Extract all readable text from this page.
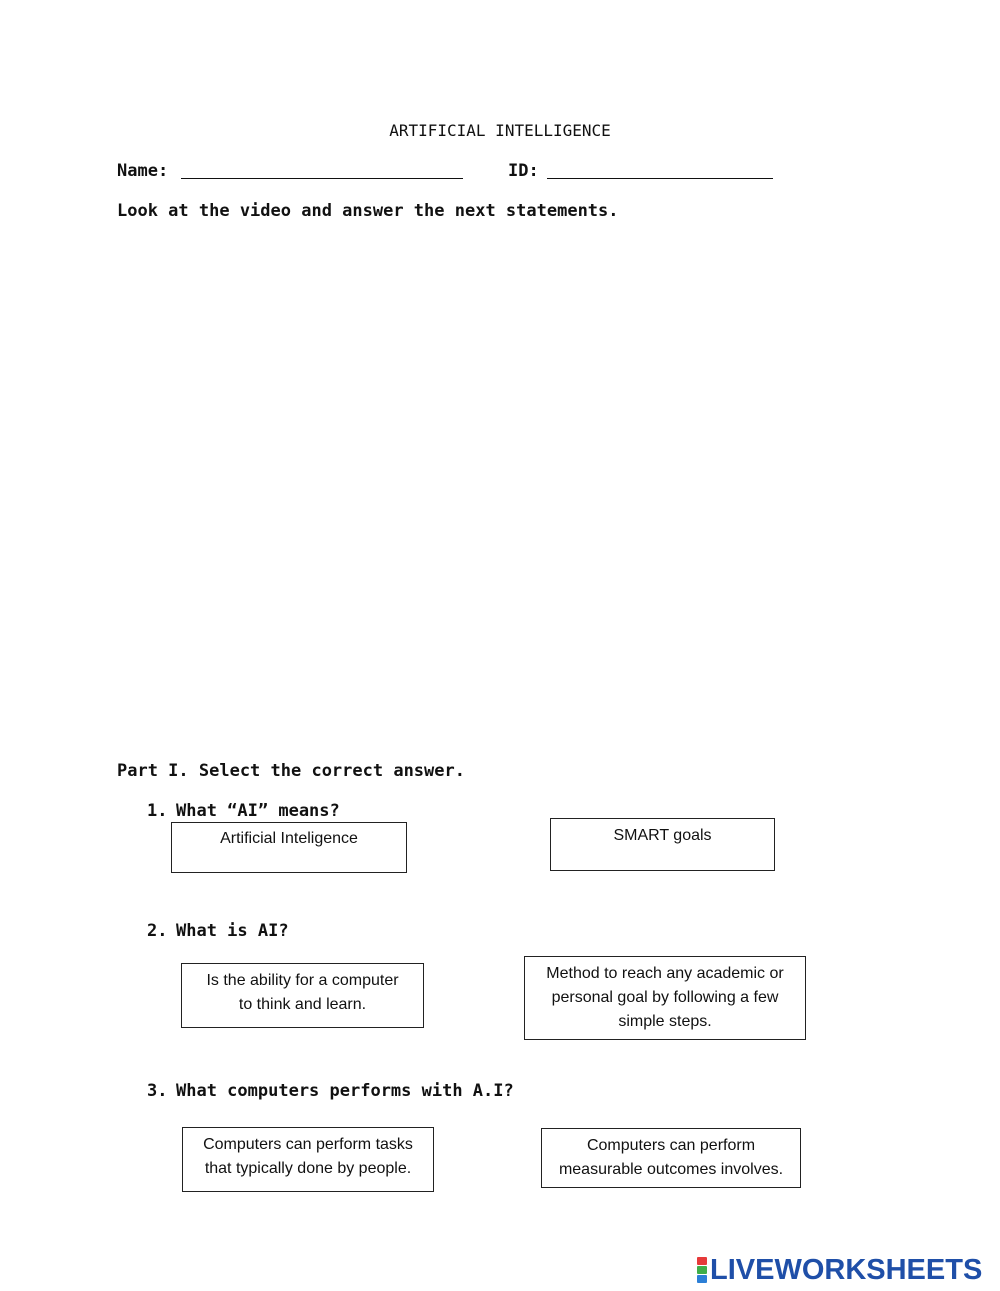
ARTIFICIAL INTELLIGENCE
Name:	ID:
Look at the video and answer the next statements.
Part I. Select the correct answer.
1. What “AI” means?
Artificial Inteligence	SMART goals
2. What is AI?
Is the ability for a computer
to think and learn.
Method to reach any academic or
personal goal by following a few
simple steps.
3. What computers performs with A.I?
Computers can perform tasks
that typically done by people.
Computers can perform
measurable outcomes involves.
LIVEWORKSHEETS
